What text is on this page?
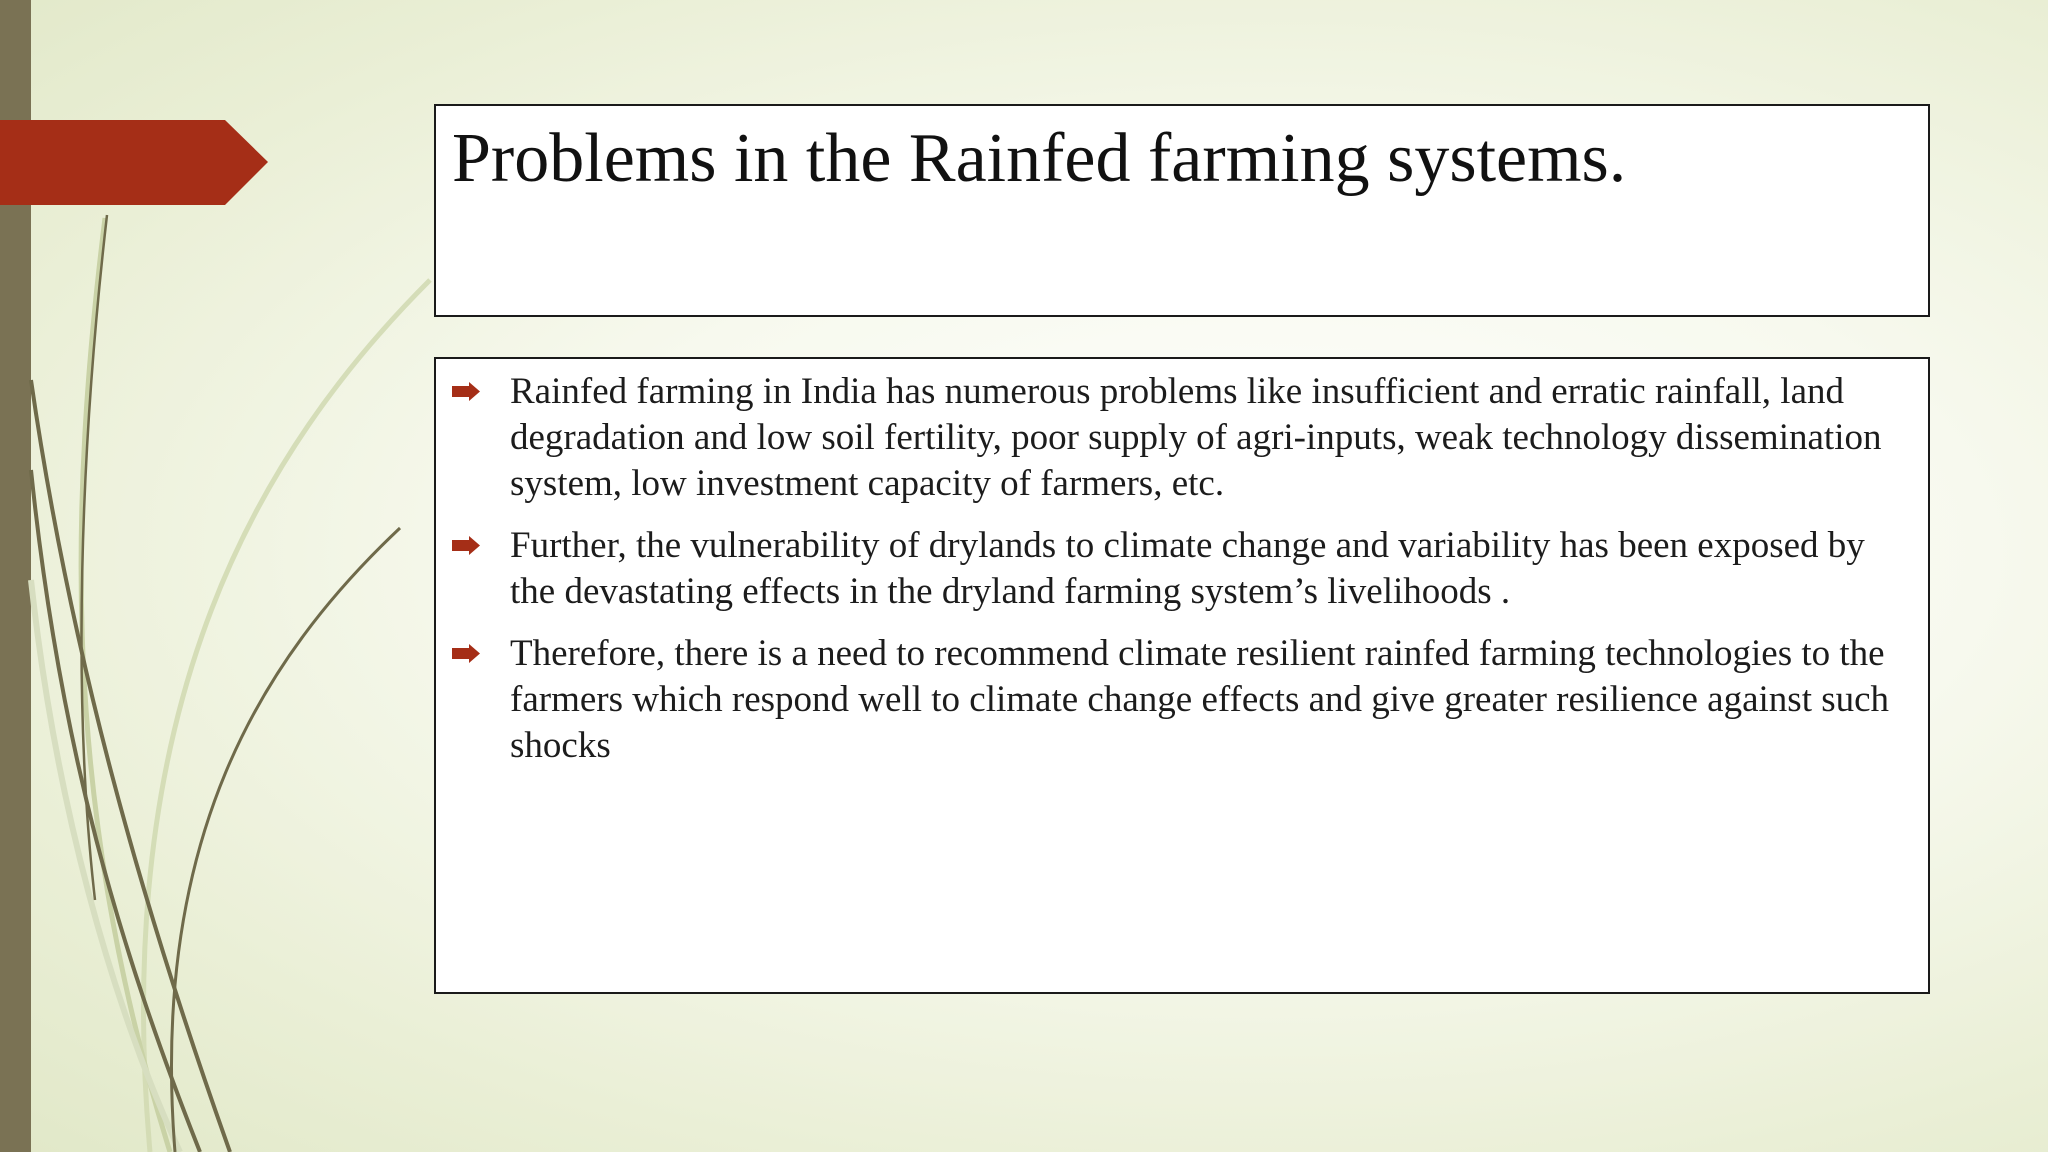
Problems in the Rainfed farming systems.
Rainfed farming in India has numerous problems like insufficient and erratic rainfall, land degradation and low soil fertility, poor supply of agri-inputs, weak technology dissemination system, low investment capacity of farmers, etc.
Further, the vulnerability of drylands to climate change and variability has been exposed by the devastating effects in the dryland farming system’s livelihoods .
Therefore, there is a need to recommend climate resilient rainfed farming technologies to the farmers which respond well to climate change effects and give greater resilience against such shocks
